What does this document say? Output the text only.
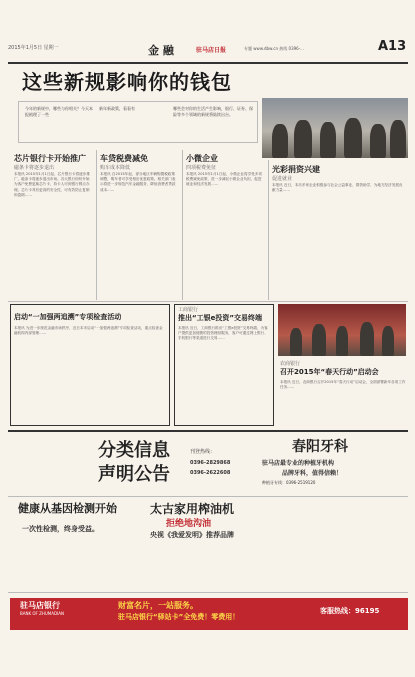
2015年1月5日 星期一	金 融	驻马店日报	专题 www.dbw.cn 热线 0396-...	A13
这些新规影响你的钱包

今年的新规中，哪些与你相关？今天本报梳理了一些

新年新政策，看看有	哪些会对你的生活产生影响，银行、证券、保险等多个领域的新规将陆续出台。

芯片银行卡开始推广
磁条卡将逐步退出
本报讯 2015年1月1日起，芯片银行卡将逐步推广，磁条卡将逐步退出市场。各大银行纷纷开始为客户免费更换芯片卡，持卡人可到银行网点办理。芯片卡具有更高的安全性，可有效防止复制和盗刷……
车贷税费减免
购车成本降低
本报讯 自2015年起，部分地区车辆购置税政策调整，购车者可享受相应优惠政策。相关部门表示将进一步规范汽车金融服务，降低消费者贷款成本……
小微企业
四项税费免征
本报讯 2015年1月1日起，小微企业将享受多项税费减免政策，进一步减轻小微企业负担，促进就业和经济发展……
光彩捐资兴建
促进就业
本报讯 近日，本市多家企业积极参与社会公益事业，捐资助学，为地方经济发展贡献力量……
启动“一加强两追溯”专项检查活动
本报讯 为进一步规范金融市场秩序，近日本市启动“一加强两追溯”专项检查活动，重点检查金融机构内部管理……
工商银行
推出“工银e投资”交易终端
本报讯 近日，工商银行推出“工银e投资”交易终端，为客户提供更加便捷的投资理财服务，客户可通过网上银行、手机银行等渠道进行交易……
农商银行
召开2015年“春天行动”启动会
本报讯 近日，农商银行召开2015年“春天行动”启动会，全面部署新年各项工作任务……
分类信息
声明公告
刊登热线：
0396-2829868
0396-2622608
春阳牙科
驻马店最专业的种植牙机构
品牌牙科，值得信赖！
种植牙专线：0396-2519120
健康从基因检测开始
一次性检测，终身受益。
太古家用榨油机
拒绝地沟油
央视《我爱发明》推荐品牌
驻马店银行
BANK OF ZHUMADIAN
财富名片，一站服务。
驻马店银行“驿站卡”全免费！零费用！
客服热线：96195
